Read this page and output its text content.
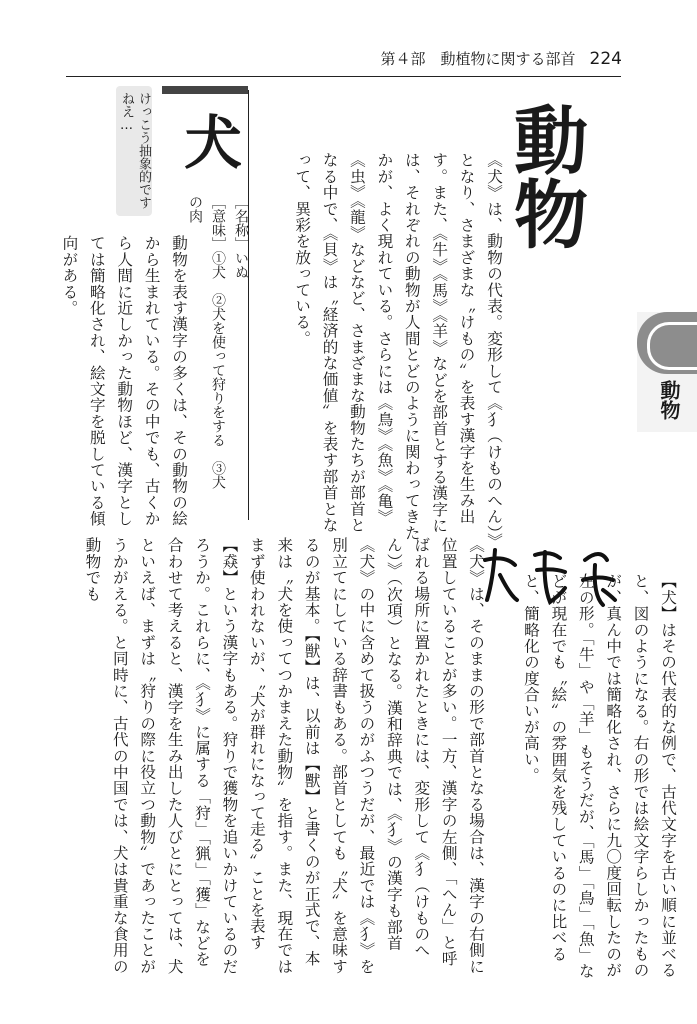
第４部　動植物に関する部首 224
動物
《犬》は、動物の代表。変形して《犭（けものへん）》となり、さまざまな〝けもの〟を表す漢字を生み出す。また、《牛》《馬》《羊》などを部首とする漢字には、それぞれの動物が人間とどのように関わってきたかが、よく現れている。さらには《鳥》《魚》《亀》《虫》《龍》などなど、さまざまな動物たちが部首となる中で、《貝》は〝経済的な価値〟を表す部首となって、異彩を放っている。
動物
犬
［名称］いぬ
［意味］①犬　②犬を使って狩りをする　③犬の肉
けっこう抽象的ですねえ…
動物を表す漢字の多くは、その動物の絵から生まれている。その中でも、古くから人間に近しかった動物ほど、漢字としては簡略化され、絵文字を脱している傾向がある。
【犬】はその代表的な例で、古代文字を古い順に並べると、図のようになる。右の形では絵文字らしかったものが、真ん中では簡略化され、さらに九〇度回転したのが左の形。「牛」や「羊」もそうだが、「馬」「鳥」「魚」などが現在でも〝絵〟の雰囲気を残しているのに比べると、簡略化の度合いが高い。
《犬》は、そのままの形で部首となる場合は、漢字の右側に位置していることが多い。一方、漢字の左側、「へん」と呼ばれる場所に置かれたときには、変形して《犭（けものへん）》（次項）となる。漢和辞典では、《犭》の漢字も部首《犬》の中に含めて扱うのがふつうだが、最近では《犭》を別立てにしている辞書もある。部首としても〝犬〟を意味するのが基本。【獣】は、以前は【獸】と書くのが正式で、本来は〝犬を使ってつかまえた動物〟を指す。また、現在ではまず使われないが、〝犬が群れになって走る〟ことを表す【猋】という漢字もある。狩りで獲物を追いかけているのだろうか。これらに、《犭》に属する「狩」「猟」「獲」などを合わせて考えると、漢字を生み出した人びとにとっては、犬といえば、まずは〝狩りの際に役立つ動物〟であったことがうかがえる。と同時に、古代の中国では、犬は貴重な食用の動物でも
